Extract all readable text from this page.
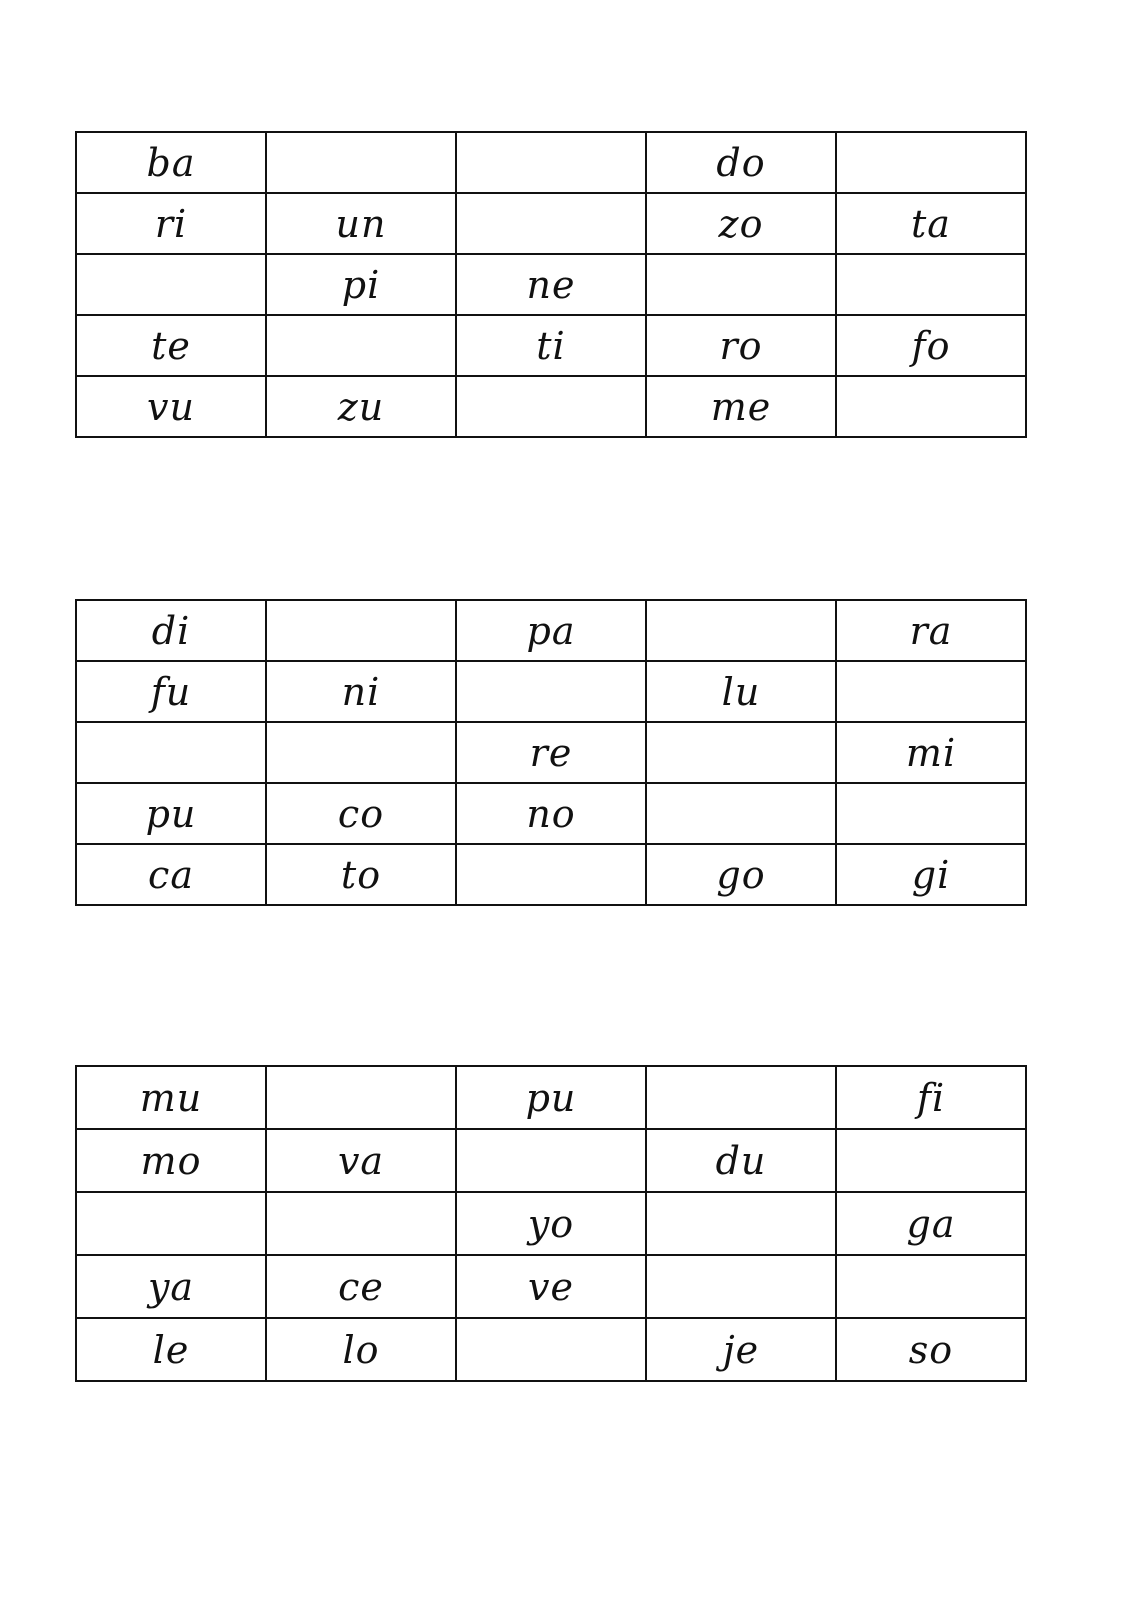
ba			do	
ri	un		zo	ta
	pi	ne		
te		ti	ro	fo
vu	zu		me	
di		pa		ra
fu	ni		lu	
		re		mi
pu	co	no		
ca	to		go	gi
mu		pu		fi
mo	va		du	
		yo		ga
ya	ce	ve		
le	lo		je	so
